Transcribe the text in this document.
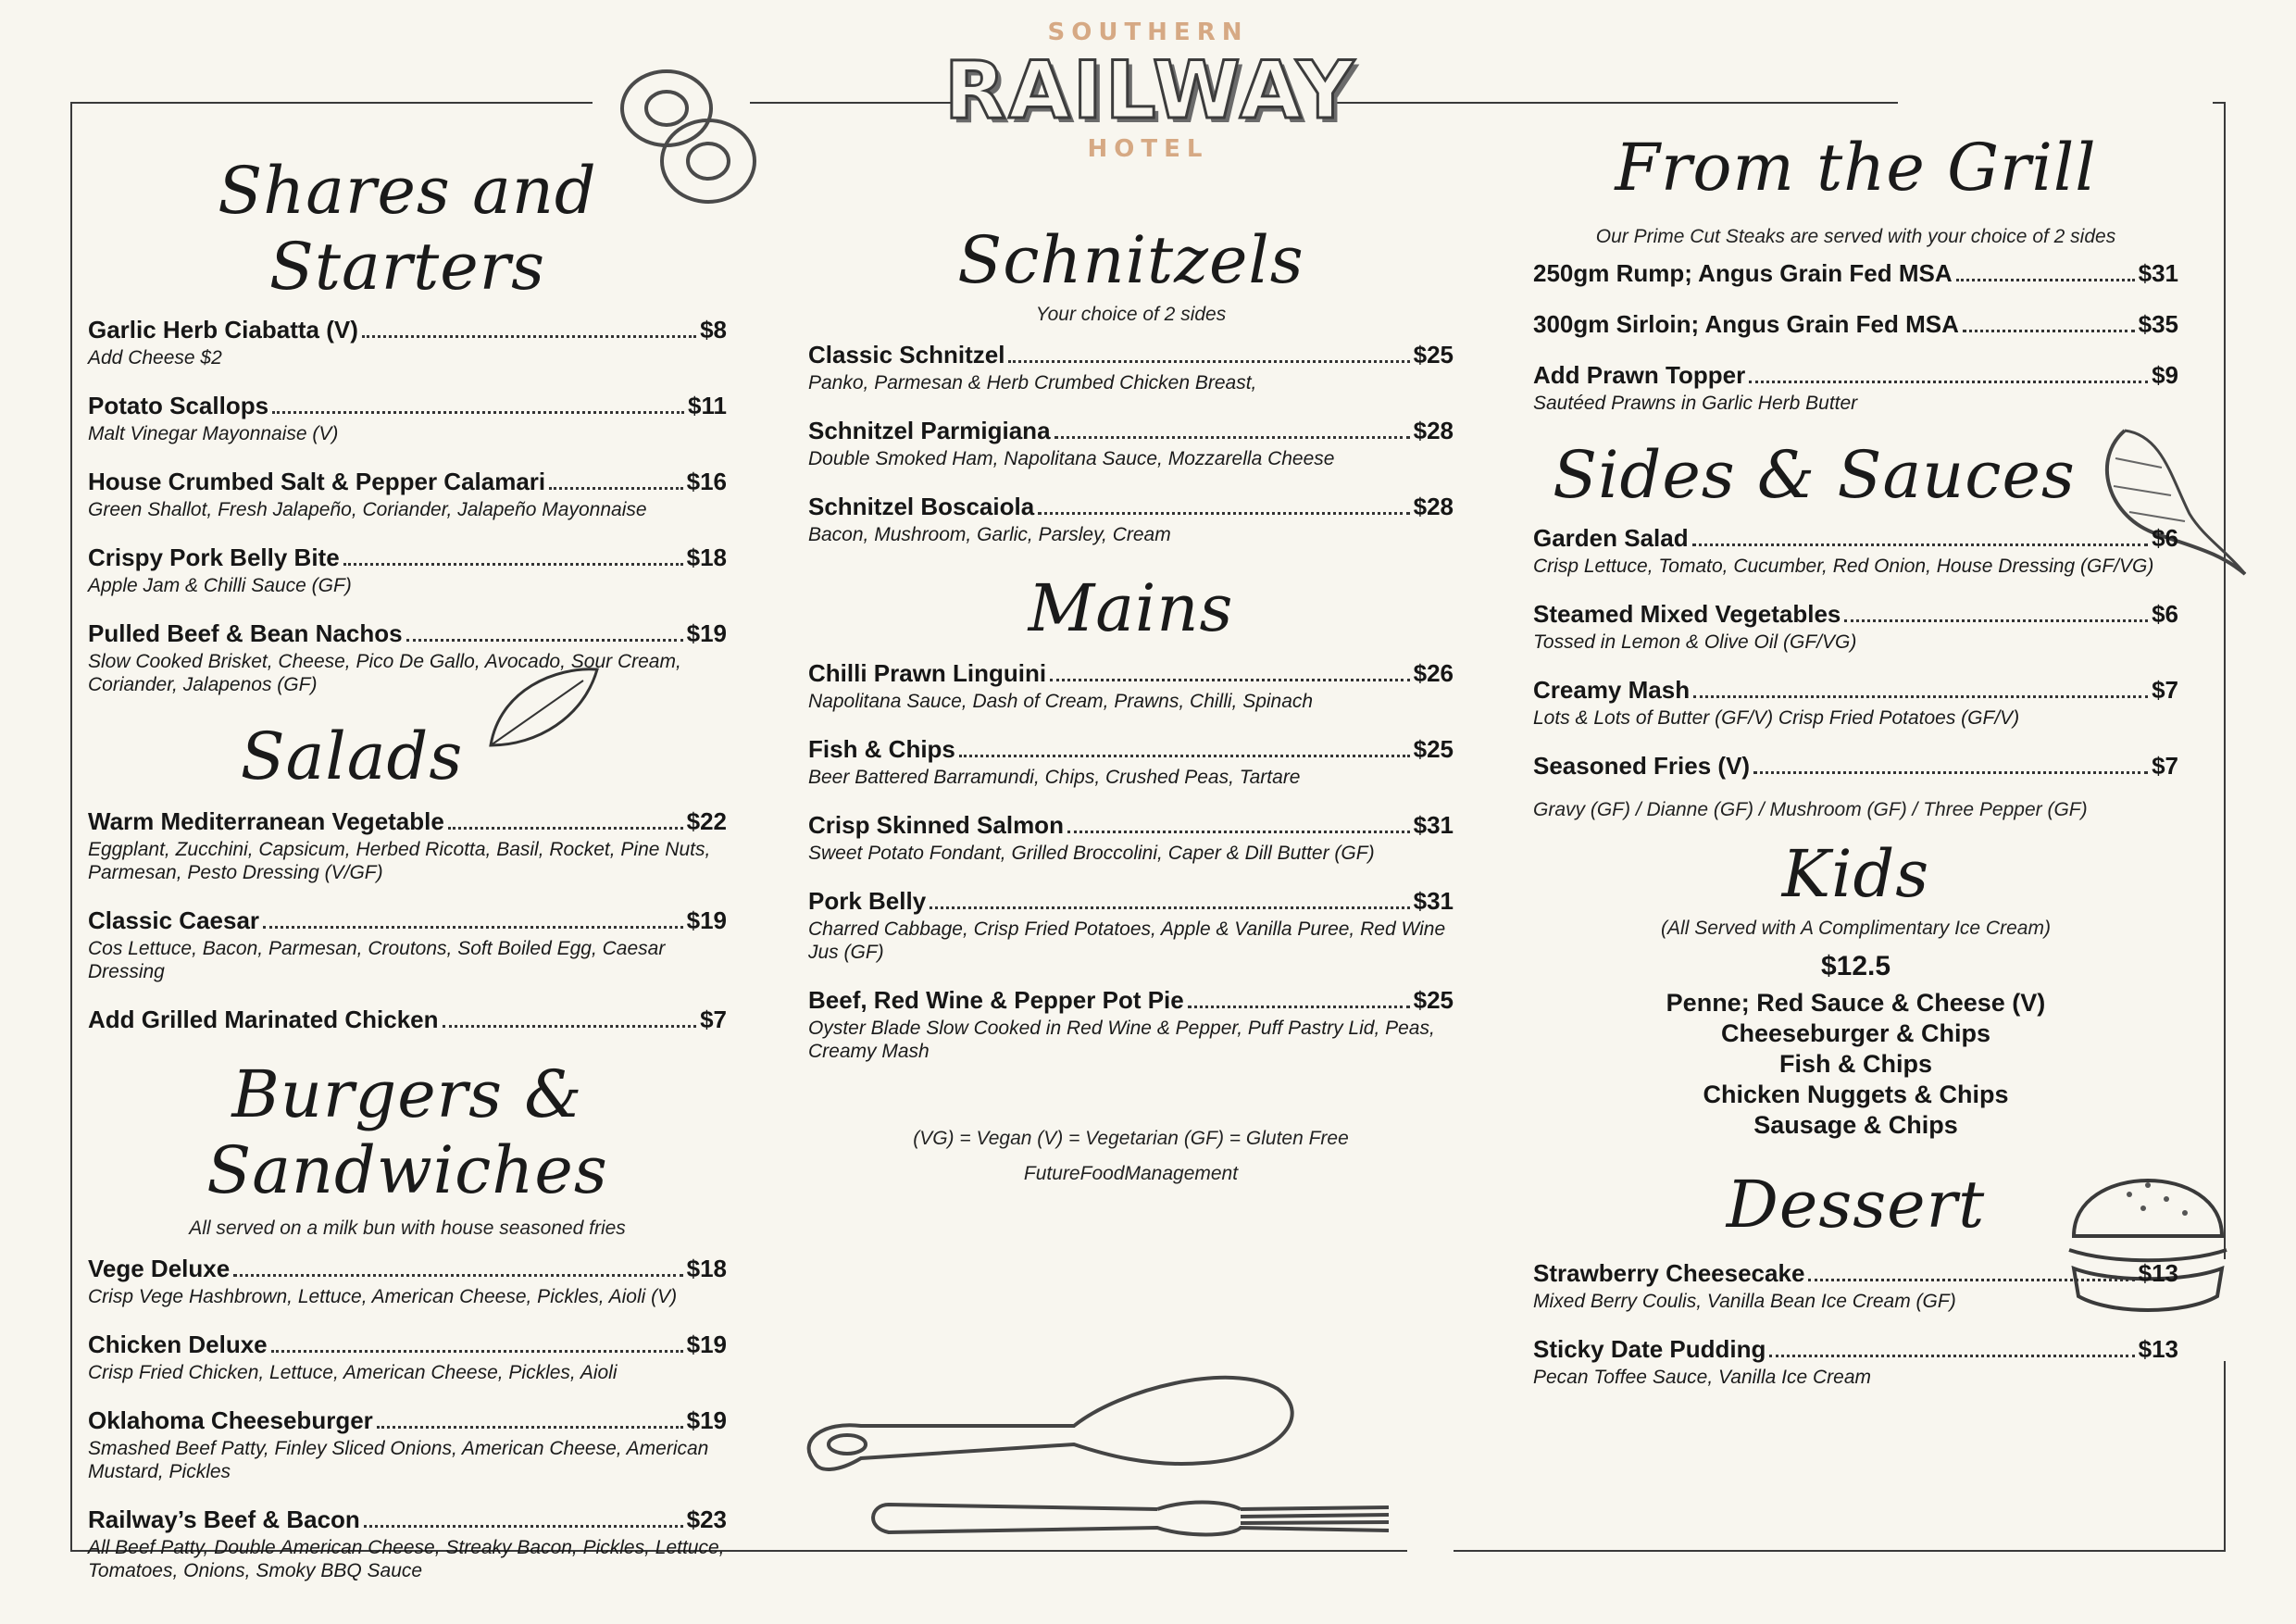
SOUTHERN
RAILWAY
HOTEL
Shares and Starters
Garlic Herb Ciabatta (V)	$8
Add Cheese $2
Potato Scallops	$11
Malt Vinegar Mayonnaise (V)
House Crumbed Salt & Pepper Calamari	$16
Green Shallot, Fresh Jalapeño, Coriander, Jalapeño Mayonnaise
Crispy Pork Belly Bite	$18
Apple Jam & Chilli Sauce (GF)
Pulled Beef & Bean Nachos	$19
Slow Cooked Brisket, Cheese, Pico De Gallo, Avocado, Sour Cream, Coriander, Jalapenos (GF)
Salads
Warm Mediterranean Vegetable	$22
Eggplant, Zucchini, Capsicum, Herbed Ricotta, Basil, Rocket, Pine Nuts, Parmesan, Pesto Dressing (V/GF)
Classic Caesar	$19
Cos Lettuce, Bacon, Parmesan, Croutons, Soft Boiled Egg, Caesar Dressing
Add Grilled Marinated Chicken	$7
Burgers & Sandwiches
All served on a milk bun with house seasoned fries
Vege Deluxe	$18
Crisp Vege Hashbrown, Lettuce, American Cheese, Pickles, Aioli (V)
Chicken Deluxe	$19
Crisp Fried Chicken, Lettuce, American Cheese, Pickles, Aioli
Oklahoma Cheeseburger	$19
Smashed Beef Patty, Finley Sliced Onions, American Cheese, American Mustard, Pickles
Railway’s Beef & Bacon	$23
All Beef Patty, Double American Cheese, Streaky Bacon, Pickles, Lettuce, Tomatoes, Onions, Smoky BBQ Sauce
Schnitzels
Your choice of 2 sides
Classic Schnitzel	$25
Panko, Parmesan & Herb Crumbed Chicken Breast,
Schnitzel Parmigiana	$28
Double Smoked Ham, Napolitana Sauce, Mozzarella Cheese
Schnitzel Boscaiola	$28
Bacon, Mushroom, Garlic, Parsley, Cream
Mains
Chilli Prawn Linguini	$26
Napolitana Sauce, Dash of Cream, Prawns, Chilli, Spinach
Fish & Chips	$25
Beer Battered Barramundi, Chips, Crushed Peas, Tartare
Crisp Skinned Salmon	$31
Sweet Potato Fondant, Grilled Broccolini, Caper & Dill Butter (GF)
Pork Belly	$31
Charred Cabbage, Crisp Fried Potatoes, Apple & Vanilla Puree, Red Wine Jus (GF)
Beef, Red Wine & Pepper Pot Pie	$25
Oyster Blade Slow Cooked in Red Wine & Pepper, Puff Pastry Lid, Peas, Creamy Mash
(VG) = Vegan (V) = Vegetarian (GF) = Gluten Free
FutureFoodManagement
From the Grill
Our Prime Cut Steaks are served with your choice of 2 sides
250gm Rump; Angus Grain Fed MSA	$31
300gm Sirloin; Angus Grain Fed MSA	$35
Add Prawn Topper	$9
Sautéed Prawns in Garlic Herb Butter
Sides & Sauces
Garden Salad	$6
Crisp Lettuce, Tomato, Cucumber, Red Onion, House Dressing (GF/VG)
Steamed Mixed Vegetables	$6
Tossed in Lemon & Olive Oil (GF/VG)
Creamy Mash	$7
Lots & Lots of Butter (GF/V) Crisp Fried Potatoes (GF/V)
Seasoned Fries (V)	$7
Gravy (GF) / Dianne (GF) / Mushroom (GF) / Three Pepper (GF)
Kids
(All Served with A Complimentary Ice Cream)
$12.5
Penne; Red Sauce & Cheese (V)
Cheeseburger & Chips
Fish & Chips
Chicken Nuggets & Chips
Sausage & Chips
Dessert
Strawberry Cheesecake	$13
Mixed Berry Coulis, Vanilla Bean Ice Cream (GF)
Sticky Date Pudding	$13
Pecan Toffee Sauce, Vanilla Ice Cream
